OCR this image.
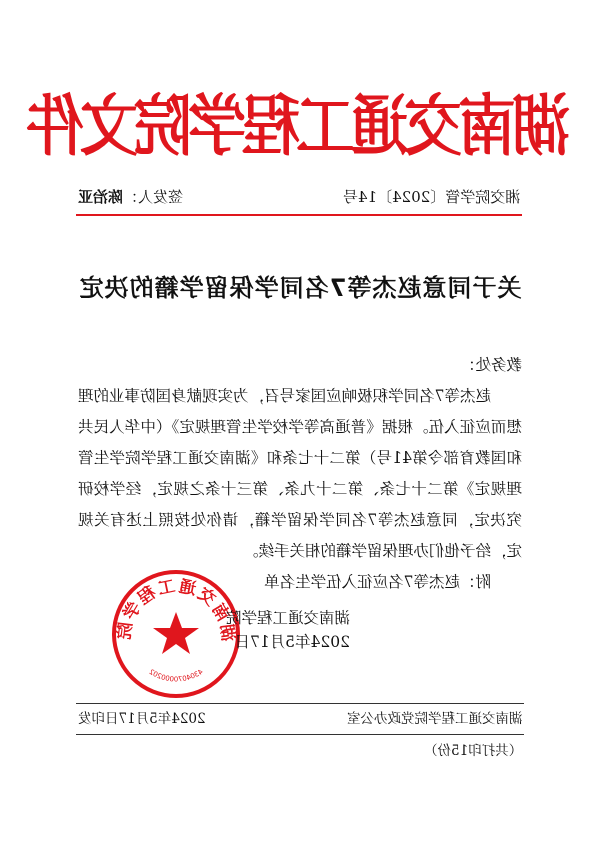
湖南交通工程学院文件
签发人：陈治亚	湘交院学管〔2024〕14号
关于同意赵杰等7名同学保留学籍的决定

教务处：

赵杰等7名同学积极响应国家号召，为实现献身国防事业的理想而应征入伍。根据《普通高等学校学生管理规定》（中华人民共和国教育部令第41号）第二十七条和《湖南交通工程学院学生管理规定》第二十七条、第二十九条、第三十条之规定，经学校研究决定，同意赵杰等7名同学保留学籍，请你处按照上述有关规定，给予他们办理保留学籍的相关手续。

附：赵杰等7名应征入伍学生名单

湖南交通工程学院
4304070000202
湖南交通工程学院
2024年5月17日
2024年5月17日印发	湖南交通工程学院党政办公室
（共打印15份）
